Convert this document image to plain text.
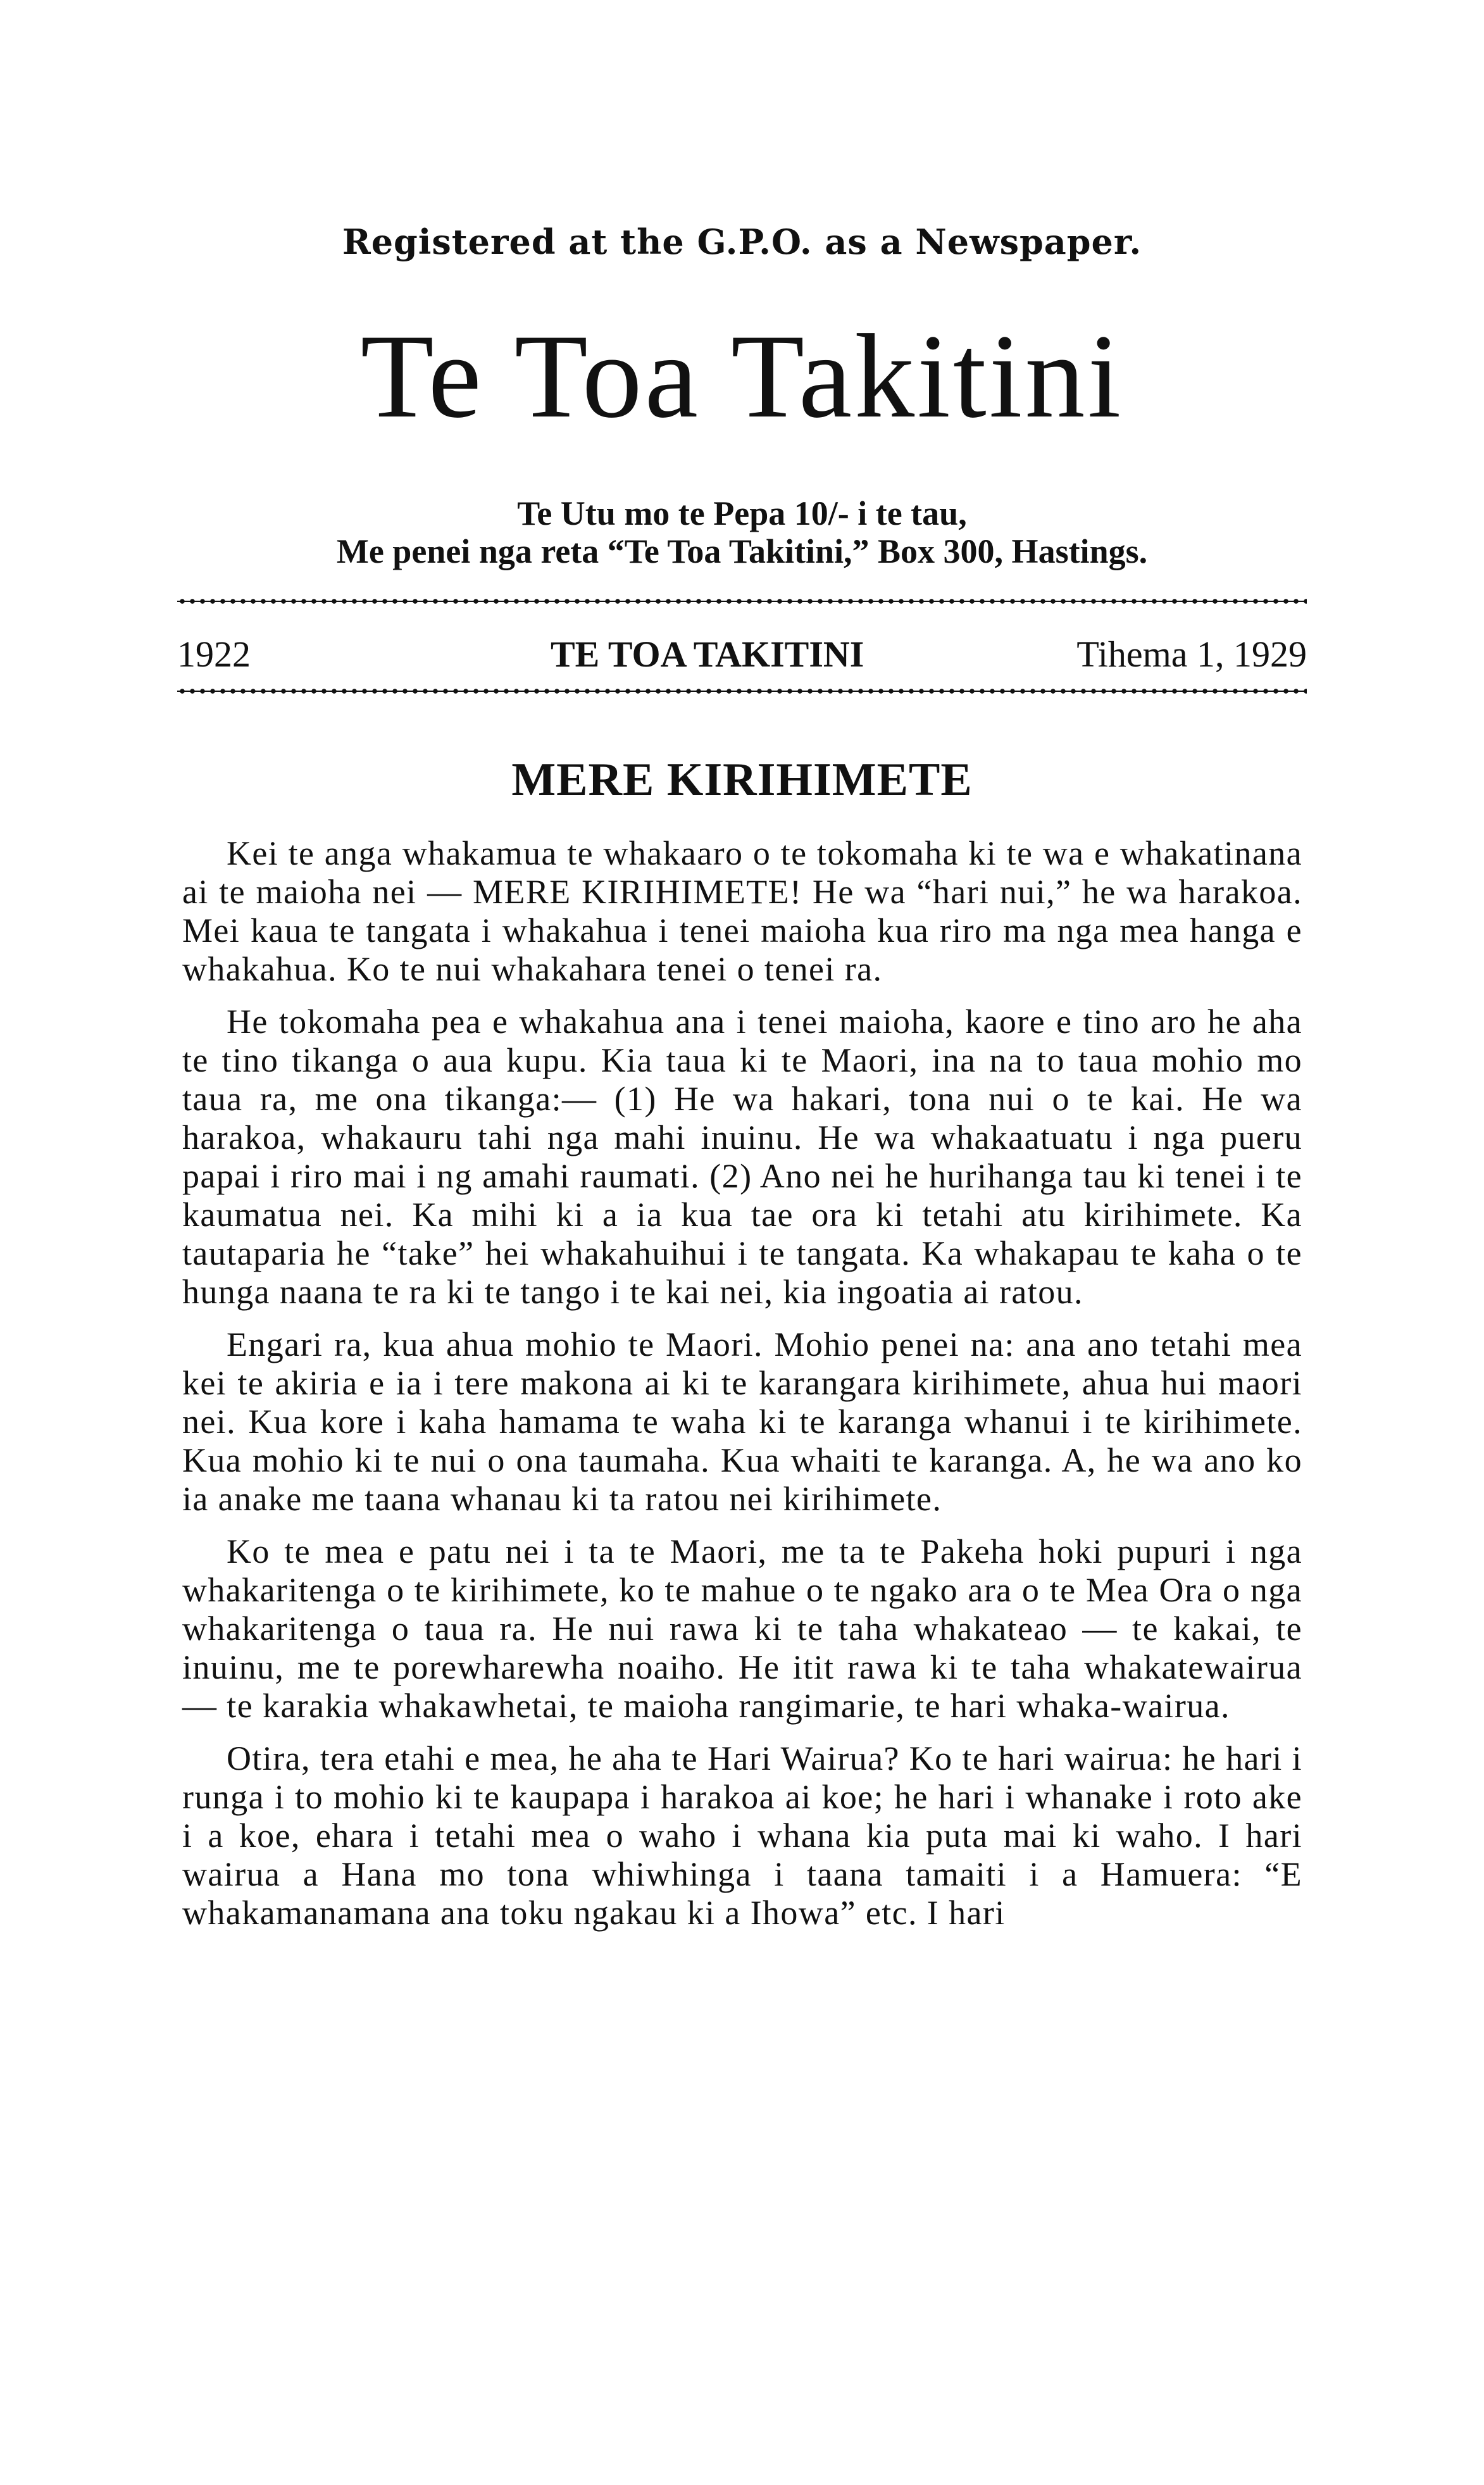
Registered at the G.P.O. as a Newspaper.
Te Toa Takitini
Te Utu mo te Pepa 10/- i te tau,
Me penei nga reta “Te Toa Takitini,” Box 300, Hastings.
1922	TE TOA TAKITINI	Tihema 1, 1929
MERE KIRIHIMETE

Kei te anga whakamua te whakaaro o te tokomaha ki te wa e whakatinana ai te maioha nei — MERE KIRIHIMETE! He wa “hari nui,” he wa harakoa. Mei kaua te tangata i whakahua i tenei maioha kua riro ma nga mea hanga e whakahua. Ko te nui whakahara tenei o tenei ra.

He tokomaha pea e whakahua ana i tenei maioha, kaore e tino aro he aha te tino tikanga o aua kupu. Kia taua ki te Maori, ina na to taua mohio mo taua ra, me ona tikanga:— (1) He wa hakari, tona nui o te kai. He wa harakoa, whakauru tahi nga mahi inuinu. He wa whakaatuatu i nga pueru papai i riro mai i ng amahi raumati. (2) Ano nei he hurihanga tau ki tenei i te kaumatua nei. Ka mihi ki a ia kua tae ora ki tetahi atu kirihimete. Ka tautaparia he “take” hei whakahuihui i te tangata. Ka whakapau te kaha o te hunga naana te ra ki te tango i te kai nei, kia ingoatia ai ratou.

Engari ra, kua ahua mohio te Maori. Mohio penei na: ana ano tetahi mea kei te akiria e ia i tere makona ai ki te karangara kirihimete, ahua hui maori nei. Kua kore i kaha hamama te waha ki te karanga whanui i te kirihimete. Kua mohio ki te nui o ona taumaha. Kua whaiti te karanga. A, he wa ano ko ia anake me taana whanau ki ta ratou nei kirihimete.

Ko te mea e patu nei i ta te Maori, me ta te Pakeha hoki pupuri i nga whakaritenga o te kirihimete, ko te mahue o te ngako ara o te Mea Ora o nga whakaritenga o taua ra. He nui rawa ki te taha whakateao — te kakai, te inuinu, me te porewharewha noaiho. He itit rawa ki te taha whakatewairua — te karakia whakawhetai, te maioha rangimarie, te hari whaka-wairua.

Otira, tera etahi e mea, he aha te Hari Wairua? Ko te hari wairua: he hari i runga i to mohio ki te kaupapa i harakoa ai koe; he hari i whanake i roto ake i a koe, ehara i tetahi mea o waho i whana kia puta mai ki waho. I hari wairua a Hana mo tona whiwhinga i taana tamaiti i a Hamuera: “E whakamanamana ana toku ngakau ki a Ihowa” etc. I hari
